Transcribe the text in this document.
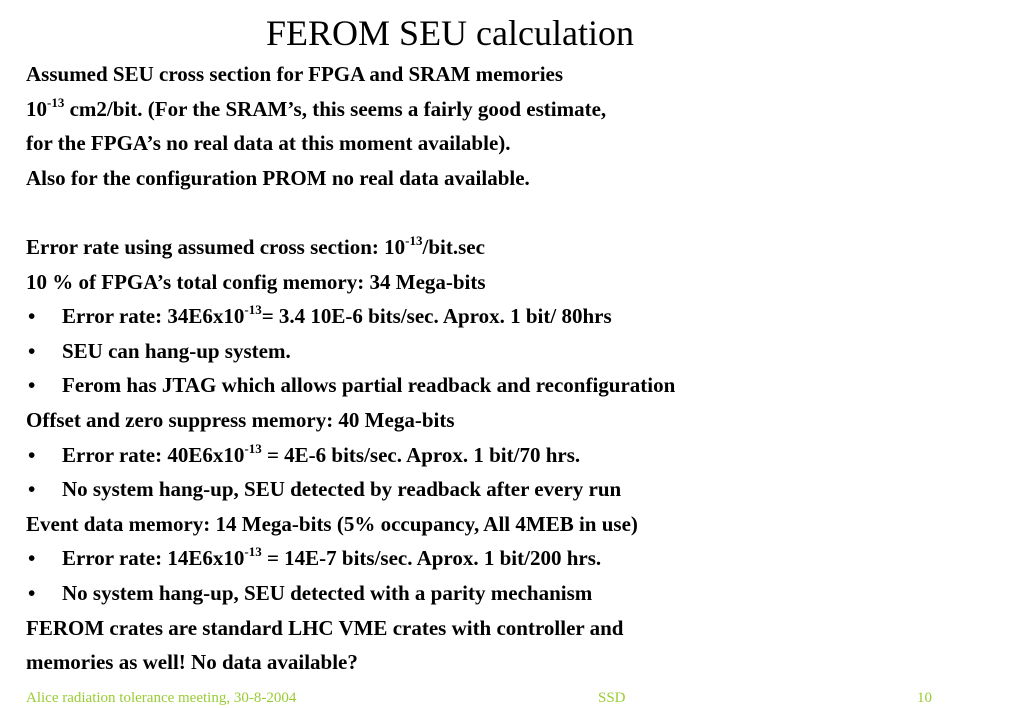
FEROM SEU calculation
Assumed SEU cross section for FPGA and SRAM memories
$10^{-13}$ cm2/bit. (For the SRAM’s, this seems a fairly good estimate,
for the FPGA’s no real data at this moment available).
Also for the configuration PROM no real data available.
Error rate using assumed cross section: $10^{-13}/bit.\sec$
10 % of FPGA’s total config memory: 34 Mega-bits
• Error rate: $34E6x10^{-13}= 3.4$ 10E-6 bits/sec. Aprox. 1 bit/ 80hrs
• SEU can hang-up system.
• Ferom has JTAG which allows partial readback and reconfiguration
Offset and zero suppress memory: 40 Mega-bits
• Error rate: $40E6x10^{-13} = 4E-6$ bits/sec. Aprox. 1 bit/70 hrs.
• No system hang-up, SEU detected by readback after every run
Event data memory: 14 Mega-bits (5% occupancy, All 4MEB in use)
• Error rate: $14E6x10^{-13} = 14E-7$ bits/sec. Aprox. 1 bit/200 hrs.
• No system hang-up, SEU detected with a parity mechanism
FEROM crates are standard LHC VME crates with controller and
memories as well! No data available?
Alice radiation tolerance meeting, 30-8-2004	SSD	10
